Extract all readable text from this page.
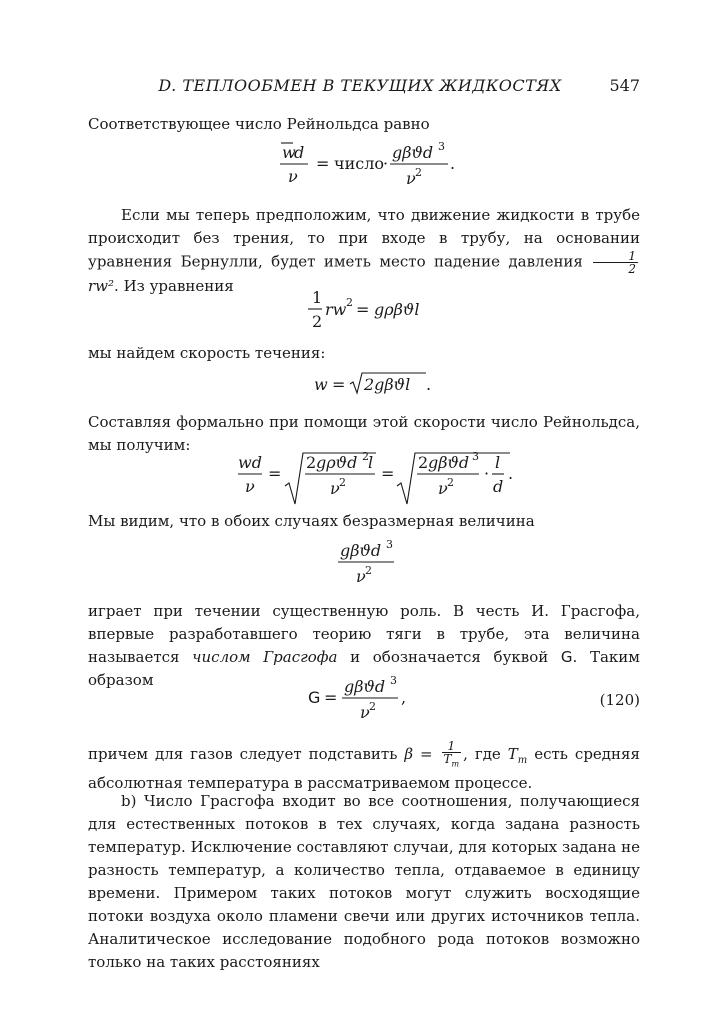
D. ТЕПЛООБМЕН В ТЕКУЩИХ ЖИДКОСТЯХ	547

Соответствующее число Рейнольдса равно

w
d
ν
= число ·
gβϑd 3
ν 2 .

Если мы теперь предположим, что движение жидкости в трубе происходит без трения, то при входе в трубу, на основании уравнения Бернулли, будет иметь место падение давления $\frac{1}{2}$
rw². Из уравнения

1
2
rw 2 = gρβϑl

мы найдем скорость течения:

w = 2gβϑl .

Составляя формально при помощи этой скорости число Рейнольдса, мы получим:

wd
ν
=
2 gρϑd 2 l
ν 2 =
2 gβϑd 3
ν 2 ·
l
d
.

Мы видим, что в обоих случаях безразмерная величина

gβϑd 3
ν 2

играет при течении существенную роль. В честь И. Грасгофа, впервые разработавшего теорию тяги в трубе, эта величина называется числом Грасгофа и обозначается буквой G. Таким образом

G =
gβϑd 3
ν 2 ,	(120)

причем для газов следует подставить $\beta = \frac{1}{T_m}$ , где $T_m$ есть средняя абсолютная температура в рассматриваемом процессе.

b) Число Грасгофа входит во все соотношения, получающиеся для естественных потоков в тех случаях, когда задана разность температур. Исключение составляют случаи, для которых задана не разность температур, а количество тепла, отдаваемое в единицу времени. Примером таких потоков могут служить восходящие потоки воздуха около пламени свечи или других источников тепла. Аналитическое исследование подобного рода потоков возможно только на таких расстояниях
